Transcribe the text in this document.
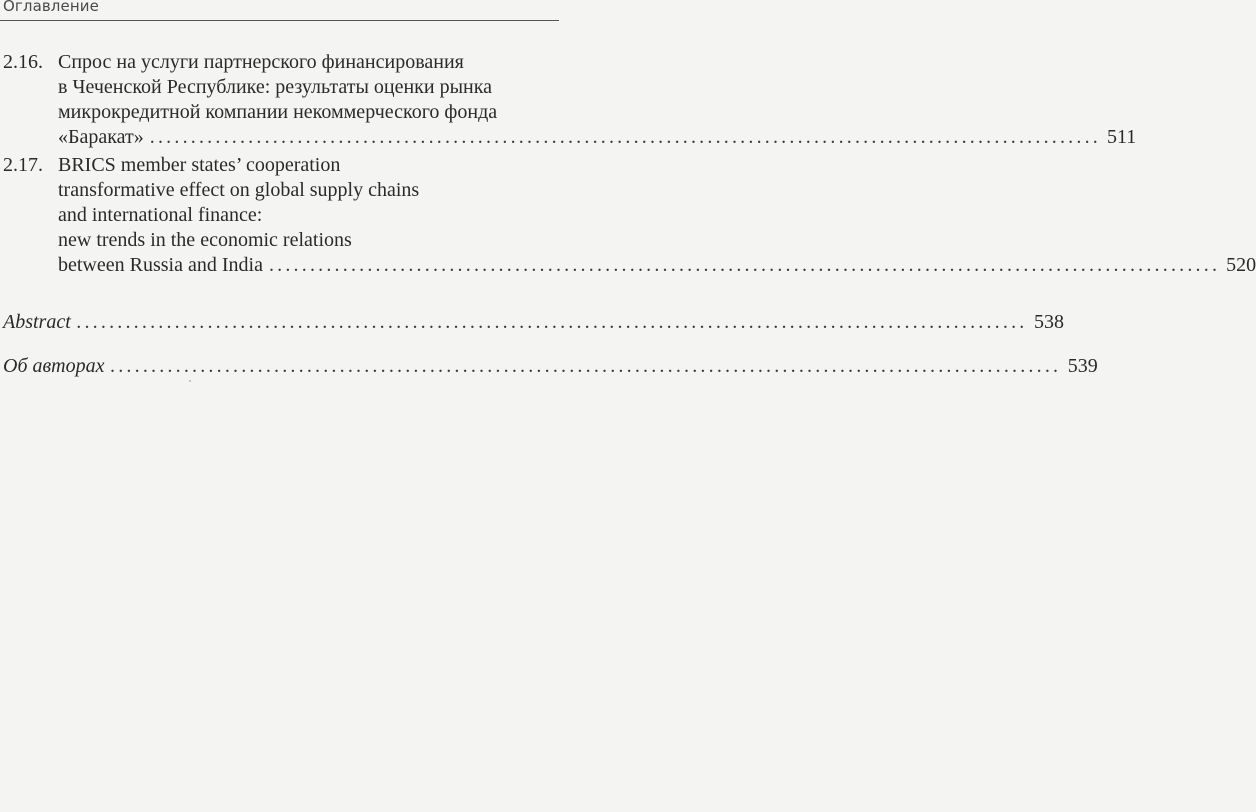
Оглавление
2.16. Спрос на услуги партнерского финансирования
в Чеченской Республике: результаты оценки рынка
микрокредитной компании некоммерческого фонда
«Баракат» .................................................................................................................... 511
2.17. BRICS member states’ cooperation
transformative effect on global supply chains
and international finance:
new trends in the economic relations
between Russia and India .................................................................................................................... 520
Abstract .................................................................................................................... 538
Об авторах .................................................................................................................... 539
